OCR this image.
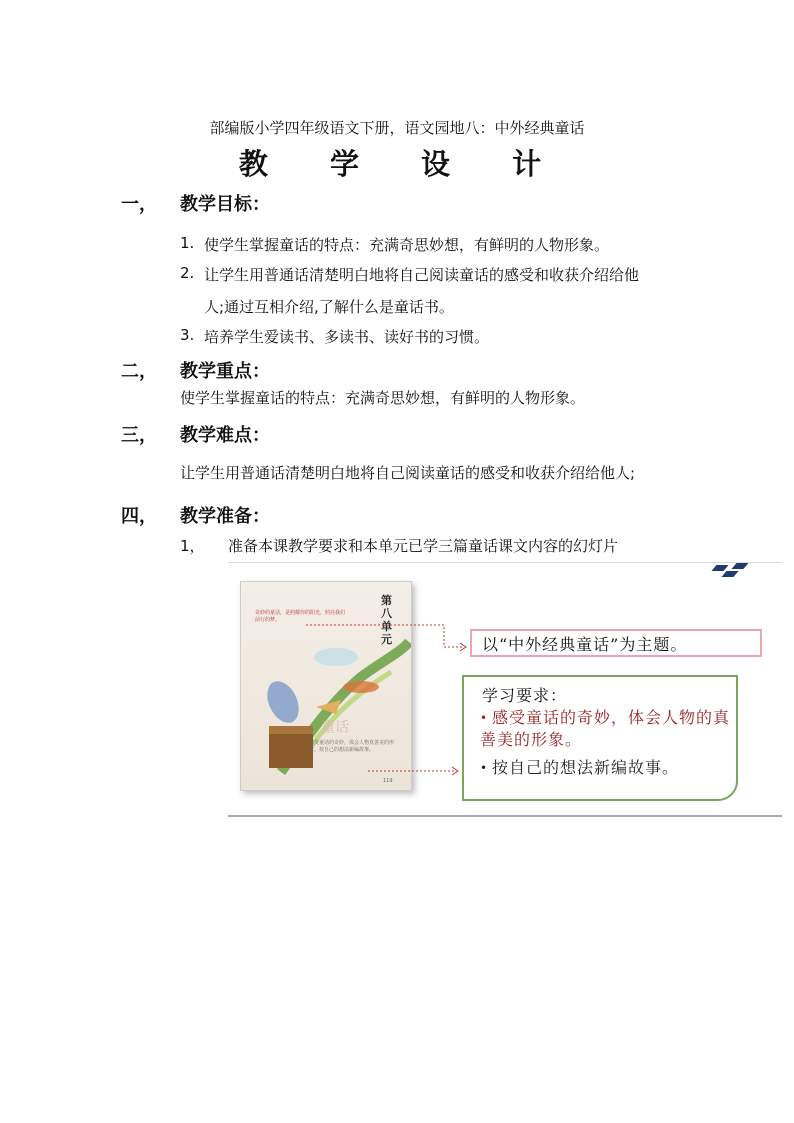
部编版小学四年级语文下册，语文园地八：中外经典童话
教 学 设 计
一， 教学目标：
1. 使学生掌握童话的特点：充满奇思妙想，有鲜明的人物形象。
2. 让学生用普通话清楚明白地将自己阅读童话的感受和收获介绍给他
人;通过互相介绍,了解什么是童话书。
3. 培养学生爱读书、多读书、读好书的习惯。
二， 教学重点：
使学生掌握童话的特点：充满奇思妙想，有鲜明的人物形象。
三， 教学难点：
让学生用普通话清楚明白地将自己阅读童话的感受和收获介绍给他人;
四， 教学准备：
1， 准备本课教学要求和本单元已学三篇童话课文内容的幻灯片
奇妙的童话，是照耀你的阳光，照亮我们前行的梦。
第八单元
童话
感受童话的奇妙，体会人物真善美的形象。按自己的想法新编故事。
119
以“中外经典童话”为主题。
学习要求：
• 感受童话的奇妙，体会人物的真善美的形象。
• 按自己的想法新编故事。
